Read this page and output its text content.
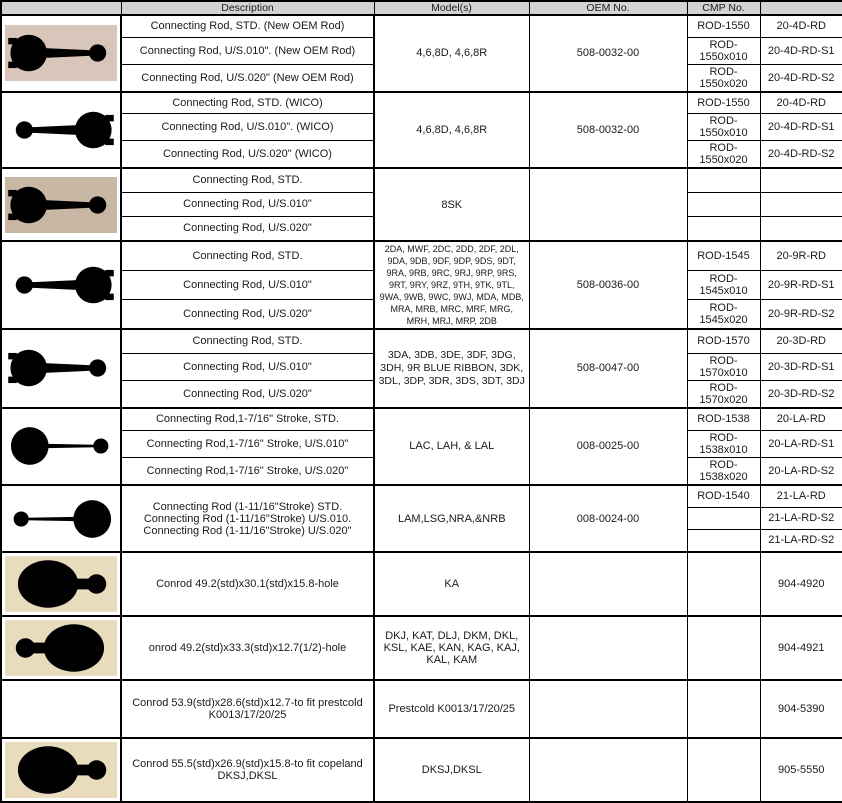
	Description	Model(s)	OEM No.	CMP No.	

	Connecting Rod, STD. (New OEM Rod)	4,6,8D, 4,6,8R	508-0032-00	ROD-1550	20-4D-RD
	Connecting Rod, U/S.010". (New OEM Rod)			ROD-1550x010	20-4D-RD-S1
	Connecting Rod, U/S.020" (New OEM Rod)			ROD-1550x020	20-4D-RD-S2

	Connecting Rod, STD. (WICO)	4,6,8D, 4,6,8R	508-0032-00	ROD-1550	20-4D-RD
	Connecting Rod, U/S.010". (WICO)			ROD-1550x010	20-4D-RD-S1
	Connecting Rod, U/S.020" (WICO)			ROD-1550x020	20-4D-RD-S2

	Connecting Rod, STD.	8SK			
	Connecting Rod, U/S.010"				
	Connecting Rod, U/S.020"				

	Connecting Rod, STD.	2DA, MWF, 2DC, 2DD, 2DF, 2DL, 9DA, 9DB, 9DF, 9DP, 9DS, 9DT, 9RA, 9RB, 9RC, 9RJ, 9RP, 9RS, 9RT, 9RY, 9RZ, 9TH, 9TK, 9TL, 9WA, 9WB, 9WC, 9WJ, MDA, MDB, MRA, MRB, MRC, MRF, MRG, MRH, MRJ, MRP, 2DB	508-0036-00	ROD-1545	20-9R-RD
	Connecting Rod, U/S.010"			ROD-1545x010	20-9R-RD-S1
	Connecting Rod, U/S.020"			ROD-1545x020	20-9R-RD-S2

	Connecting Rod, STD.	3DA, 3DB, 3DE, 3DF, 3DG, 3DH, 9R BLUE RIBBON, 3DK, 3DL, 3DP, 3DR, 3DS, 3DT, 3DJ	508-0047-00	ROD-1570	20-3D-RD
	Connecting Rod, U/S.010"			ROD-1570x010	20-3D-RD-S1
	Connecting Rod, U/S.020"			ROD-1570x020	20-3D-RD-S2

	Connecting Rod,1-7/16" Stroke, STD.	LAC, LAH, & LAL	008-0025-00	ROD-1538	20-LA-RD
	Connecting Rod,1-7/16" Stroke, U/S.010"			ROD-1538x010	20-LA-RD-S1
	Connecting Rod,1-7/16" Stroke, U/S.020"			ROD-1538x020	20-LA-RD-S2

Connecting Rod (1-11/16"Stroke) STD.
Connecting Rod (1-11/16"Stroke) U/S.010.
Connecting Rod (1-11/16"Stroke) U/S.020"	LAM,LSG,NRA,&NRB	008-0024-00	ROD-1540	21-LA-RD
					21-LA-RD-S2
					21-LA-RD-S2

	Conrod 49.2(std)x30.1(std)x15.8-hole	KA			904-4920

	onrod 49.2(std)x33.3(std)x12.7(1/2)-hole	DKJ, KAT, DLJ, DKM, DKL, KSL, KAE, KAN, KAG, KAJ, KAL, KAM			904-4921
	Conrod 53.9(std)x28.6(std)x12.7-to fit prestcold K0013/17/20/25	Prestcold K0013/17/20/25			904-5390

	Conrod 55.5(std)x26.9(std)x15.8-to fit copeland DKSJ,DKSL	DKSJ,DKSL			905-5550
